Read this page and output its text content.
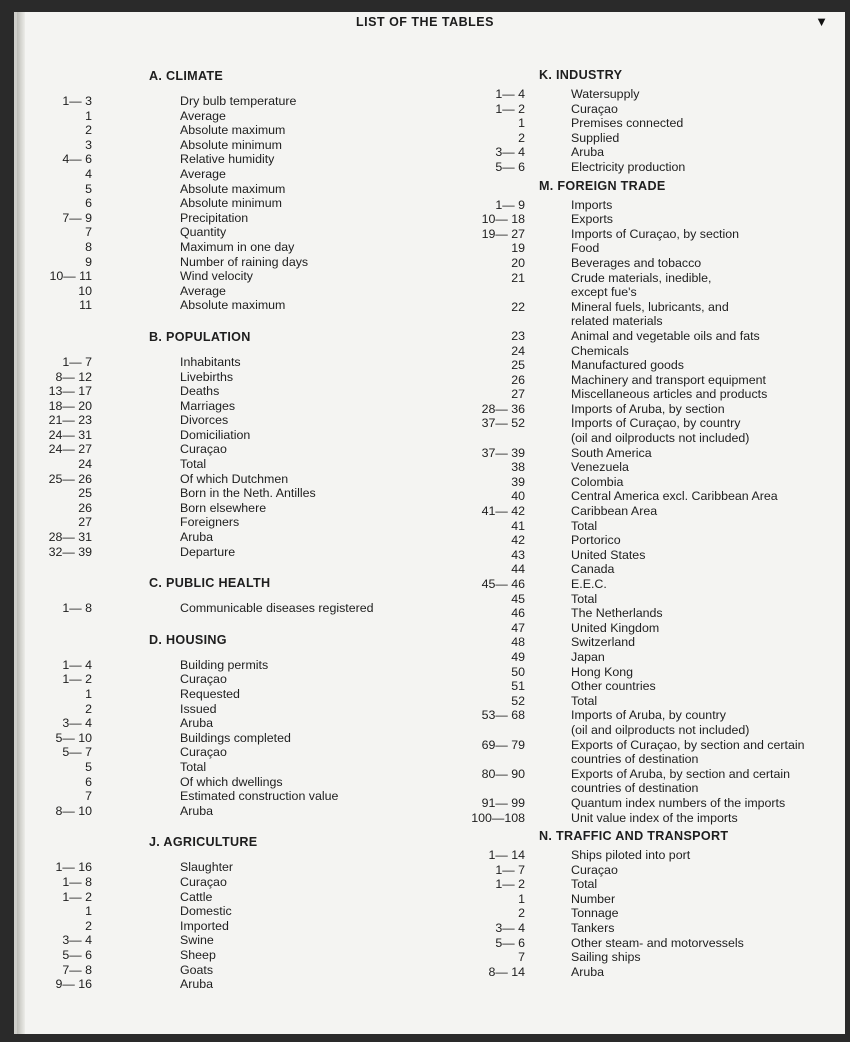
LIST OF THE TABLES	▼
A. CLIMATE
1— 3	Dry bulb temperature
1	Average
2	Absolute maximum
3	Absolute minimum
4— 6	Relative humidity
4	Average
5	Absolute maximum
6	Absolute minimum
7— 9	Precipitation
7	Quantity
8	Maximum in one day
9	Number of raining days
10— 11	Wind velocity
10	Average
11	Absolute maximum
B. POPULATION
1— 7	Inhabitants
8— 12	Livebirths
13— 17	Deaths
18— 20	Marriages
21— 23	Divorces
24— 31	Domiciliation
24— 27	Curaçao
24	Total
25— 26	Of which Dutchmen
25	Born in the Neth. Antilles
26	Born elsewhere
27	Foreigners
28— 31	Aruba
32— 39	Departure
C. PUBLIC HEALTH
1— 8	Communicable diseases registered
D. HOUSING
1— 4	Building permits
1— 2	Curaçao
1	Requested
2	Issued
3— 4	Aruba
5— 10	Buildings completed
5— 7	Curaçao
5	Total
6	Of which dwellings
7	Estimated construction value
8— 10	Aruba
J. AGRICULTURE
1— 16	Slaughter
1— 8	Curaçao
1— 2	Cattle
1	Domestic
2	Imported
3— 4	Swine
5— 6	Sheep
7— 8	Goats
9— 16	Aruba
K. INDUSTRY
1— 4	Watersupply
1— 2	Curaçao
1	Premises connected
2	Supplied
3— 4	Aruba
5— 6	Electricity production
M. FOREIGN TRADE
1— 9	Imports
10— 18	Exports
19— 27	Imports of Curaçao, by section
19	Food
20	Beverages and tobacco
21	Crude materials, inedible,
except fue's
22	Mineral fuels, lubricants, and
related materials
23	Animal and vegetable oils and fats
24	Chemicals
25	Manufactured goods
26	Machinery and transport equipment
27	Miscellaneous articles and products
28— 36	Imports of Aruba, by section
37— 52	Imports of Curaçao, by country
(oil and oilproducts not included)
37— 39	South America
38	Venezuela
39	Colombia
40	Central America excl. Caribbean Area
41— 42	Caribbean Area
41	Total
42	Portorico
43	United States
44	Canada
45— 46	E.E.C.
45	Total
46	The Netherlands
47	United Kingdom
48	Switzerland
49	Japan
50	Hong Kong
51	Other countries
52	Total
53— 68	Imports of Aruba, by country
(oil and oilproducts not included)
69— 79	Exports of Curaçao, by section and certain
countries of destination
80— 90	Exports of Aruba, by section and certain
countries of destination
91— 99	Quantum index numbers of the imports
100—108	Unit value index of the imports
N. TRAFFIC AND TRANSPORT
1— 14	Ships piloted into port
1— 7	Curaçao
1— 2	Total
1	Number
2	Tonnage
3— 4	Tankers
5— 6	Other steam- and motorvessels
7	Sailing ships
8— 14	Aruba
